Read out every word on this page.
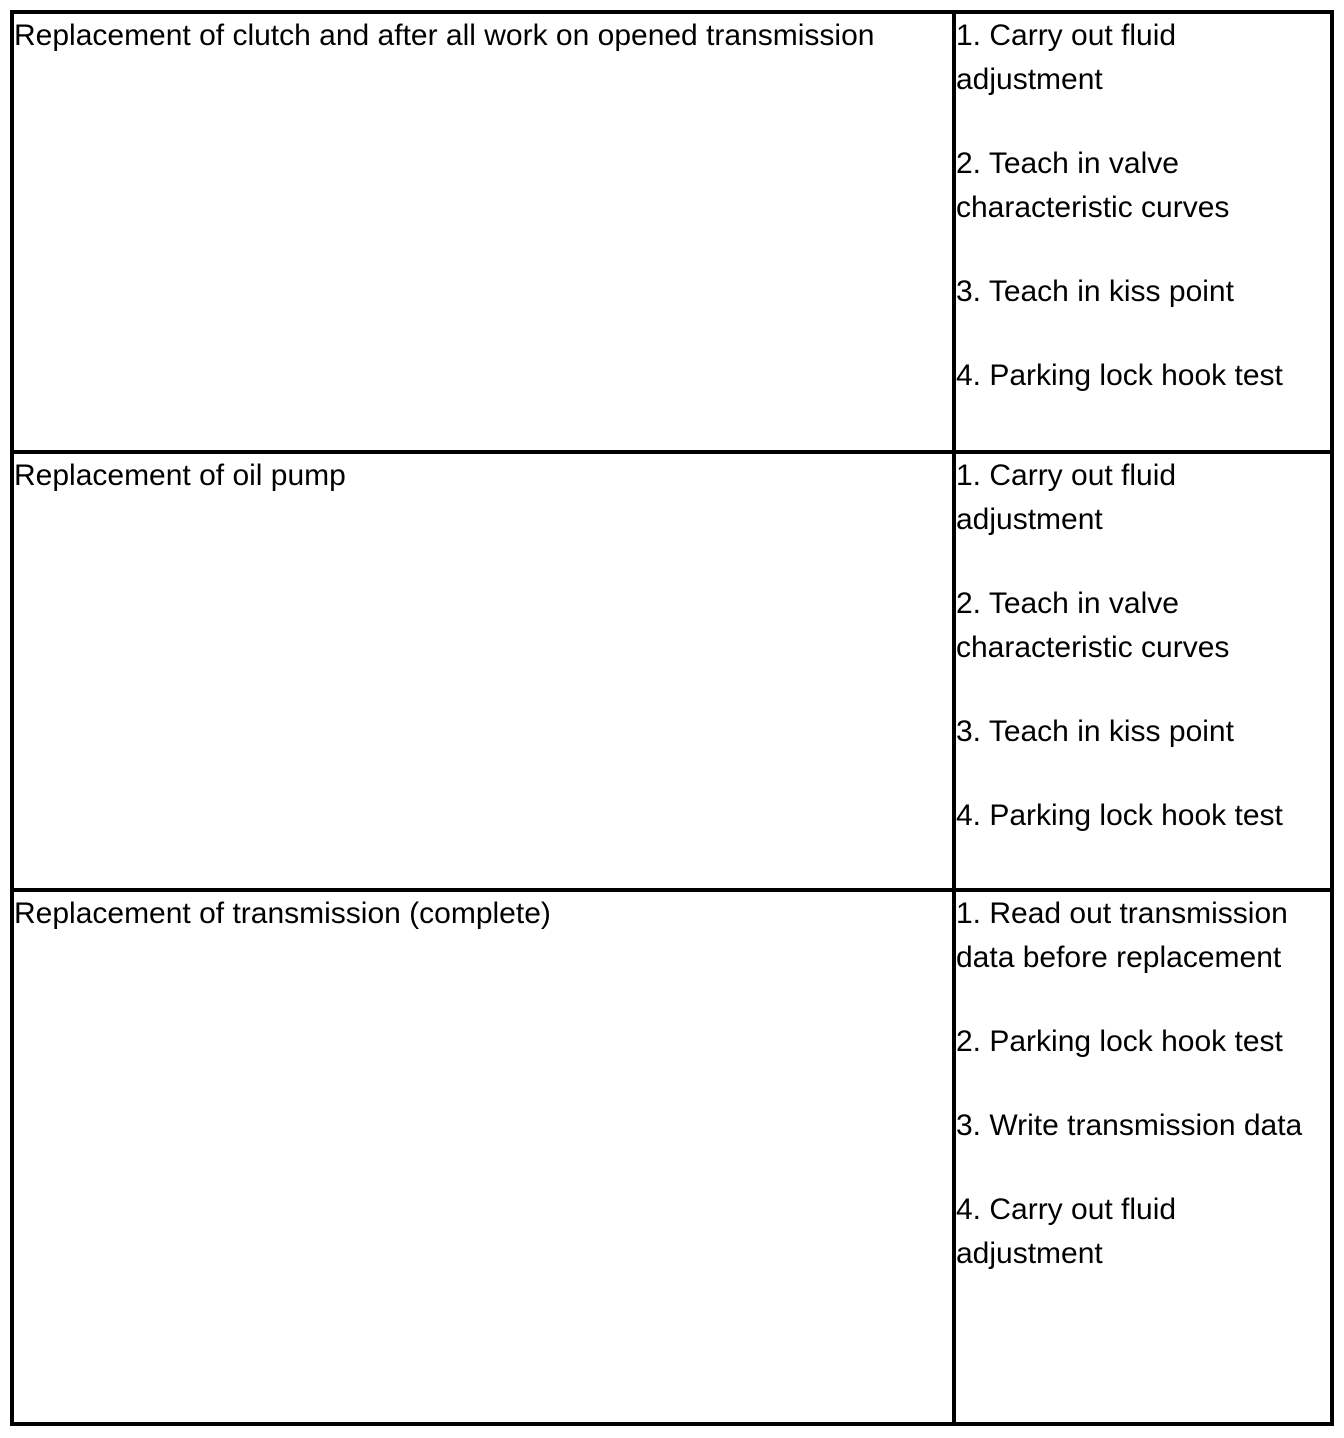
Replacement of clutch and after all work on opened transmission	1. Carry out fluid adjustment
2. Teach in valve characteristic curves
3. Teach in kiss point
4. Parking lock hook test

Replacement of oil pump	1. Carry out fluid adjustment
2. Teach in valve characteristic curves
3. Teach in kiss point
4. Parking lock hook test

Replacement of transmission (complete)	1. Read out transmission data before replacement
2. Parking lock hook test
3. Write transmission data
4. Carry out fluid adjustment
